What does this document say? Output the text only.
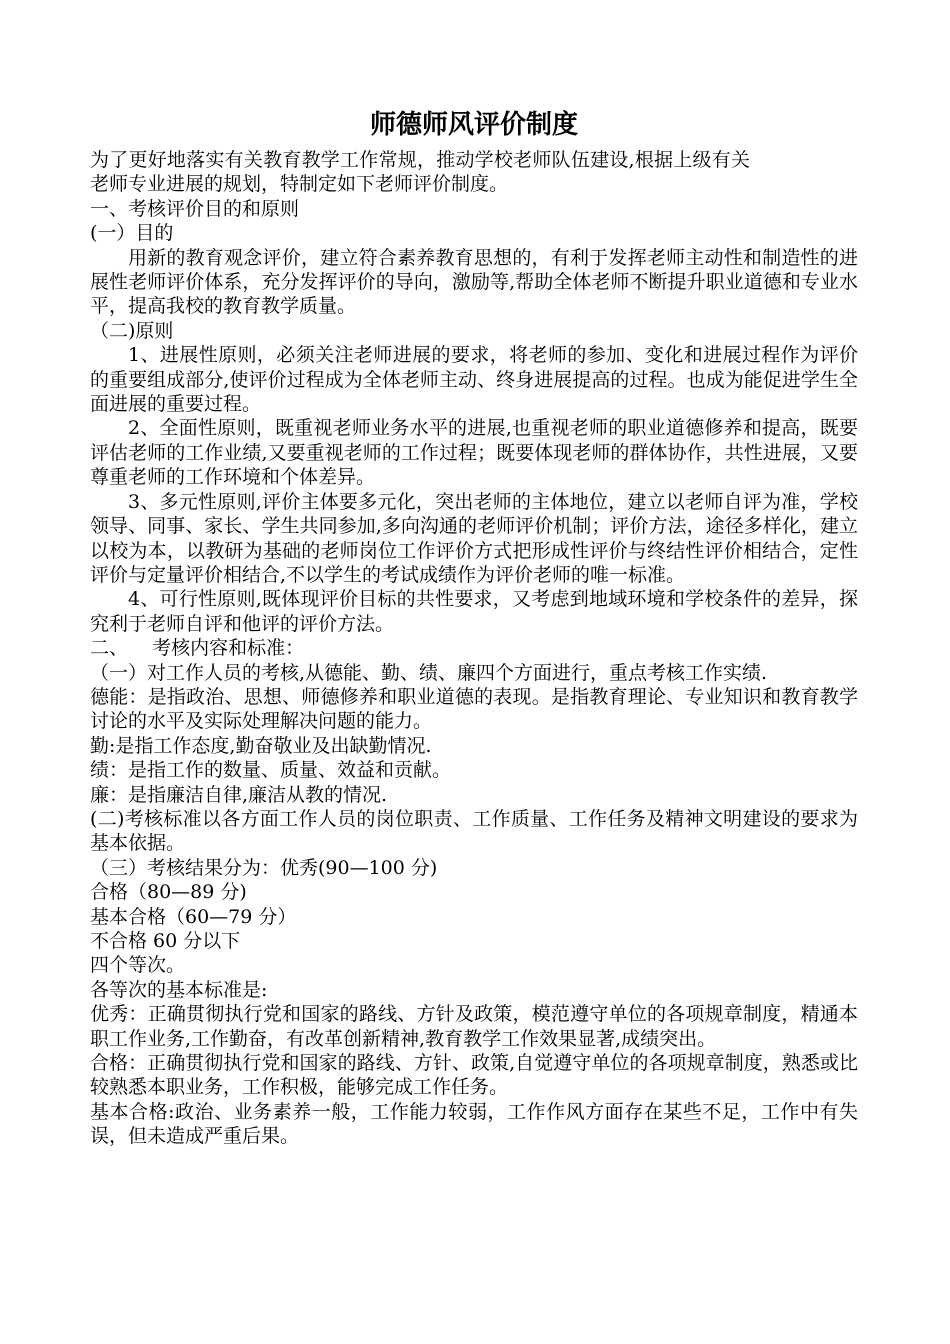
师德师风评价制度

为了更好地落实有关教育教学工作常规，推动学校老师队伍建设,根据上级有关老师专业进展的规划，特制定如下老师评价制度。

一、考核评价目的和原则

(一）目的

用新的教育观念评价，建立符合素养教育思想的，有利于发挥老师主动性和制造性的进展性老师评价体系，充分发挥评价的导向，激励等,帮助全体老师不断提升职业道德和专业水平，提高我校的教育教学质量。

（二)原则

1、进展性原则，必须关注老师进展的要求，将老师的参加、变化和进展过程作为评价的重要组成部分,使评价过程成为全体老师主动、终身进展提高的过程。也成为能促进学生全面进展的重要过程。

2、全面性原则，既重视老师业务水平的进展,也重视老师的职业道德修养和提高，既要评估老师的工作业绩,又要重视老师的工作过程；既要体现老师的群体协作，共性进展，又要尊重老师的工作环境和个体差异。

3、多元性原则,评价主体要多元化，突出老师的主体地位，建立以老师自评为准，学校领导、同事、家长、学生共同参加,多向沟通的老师评价机制；评价方法，途径多样化，建立以校为本，以教研为基础的老师岗位工作评价方式把形成性评价与终结性评价相结合，定性评价与定量评价相结合,不以学生的考试成绩作为评价老师的唯一标准。

4、可行性原则,既体现评价目标的共性要求，又考虑到地域环境和学校条件的差异，探究利于老师自评和他评的评价方法。

二、    考核内容和标准：

（一）对工作人员的考核,从德能、勤、绩、廉四个方面进行，重点考核工作实绩.

德能：是指政治、思想、师德修养和职业道德的表现。是指教育理论、专业知识和教育教学讨论的水平及实际处理解决问题的能力。

勤:是指工作态度,勤奋敬业及出缺勤情况.

绩：是指工作的数量、质量、效益和贡献。

廉：是指廉洁自律,廉洁从教的情况.

(二)考核标准以各方面工作人员的岗位职责、工作质量、工作任务及精神文明建设的要求为基本依据。

（三）考核结果分为：优秀(90—100 分)

合格（80—89 分)

基本合格（60—79 分）

不合格 60 分以下

四个等次。

各等次的基本标准是:

优秀：正确贯彻执行党和国家的路线、方针及政策，模范遵守单位的各项规章制度，精通本职工作业务,工作勤奋，有改革创新精神,教育教学工作效果显著,成绩突出。

合格：正确贯彻执行党和国家的路线、方针、政策,自觉遵守单位的各项规章制度，熟悉或比较熟悉本职业务，工作积极，能够完成工作任务。

基本合格:政治、业务素养一般，工作能力较弱，工作作风方面存在某些不足，工作中有失误，但未造成严重后果。
